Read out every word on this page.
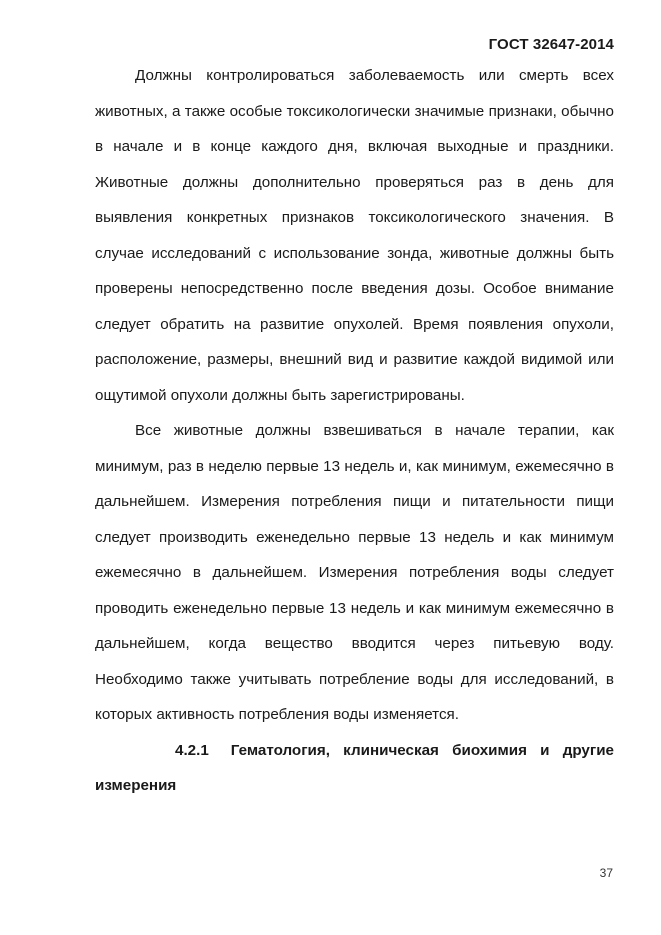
ГОСТ 32647-2014

Должны контролироваться заболеваемость или смерть всех животных, а также особые токсикологически значимые признаки, обычно в начале и в конце каждого дня, включая выходные и праздники. Животные должны дополнительно проверяться раз в день для выявления конкретных признаков токсикологического значения. В случае исследований с использование зонда, животные должны быть проверены непосредственно после введения дозы. Особое внимание следует обратить на развитие опухолей. Время появления опухоли, расположение, размеры, внешний вид и развитие каждой видимой или ощутимой опухоли должны быть зарегистрированы.

Все животные должны взвешиваться в начале терапии, как минимум, раз в неделю первые 13 недель и, как минимум, ежемесячно в дальнейшем. Измерения потребления пищи и питательности пищи следует производить еженедельно первые 13 недель и как минимум ежемесячно в дальнейшем. Измерения потребления воды следует проводить еженедельно первые 13 недель и как минимум ежемесячно в дальнейшем, когда вещество вводится через питьевую воду. Необходимо также учитывать потребление воды для исследований, в которых активность потребления воды изменяется.

4.2.1 Гематология, клиническая биохимия и другие измерения

37
